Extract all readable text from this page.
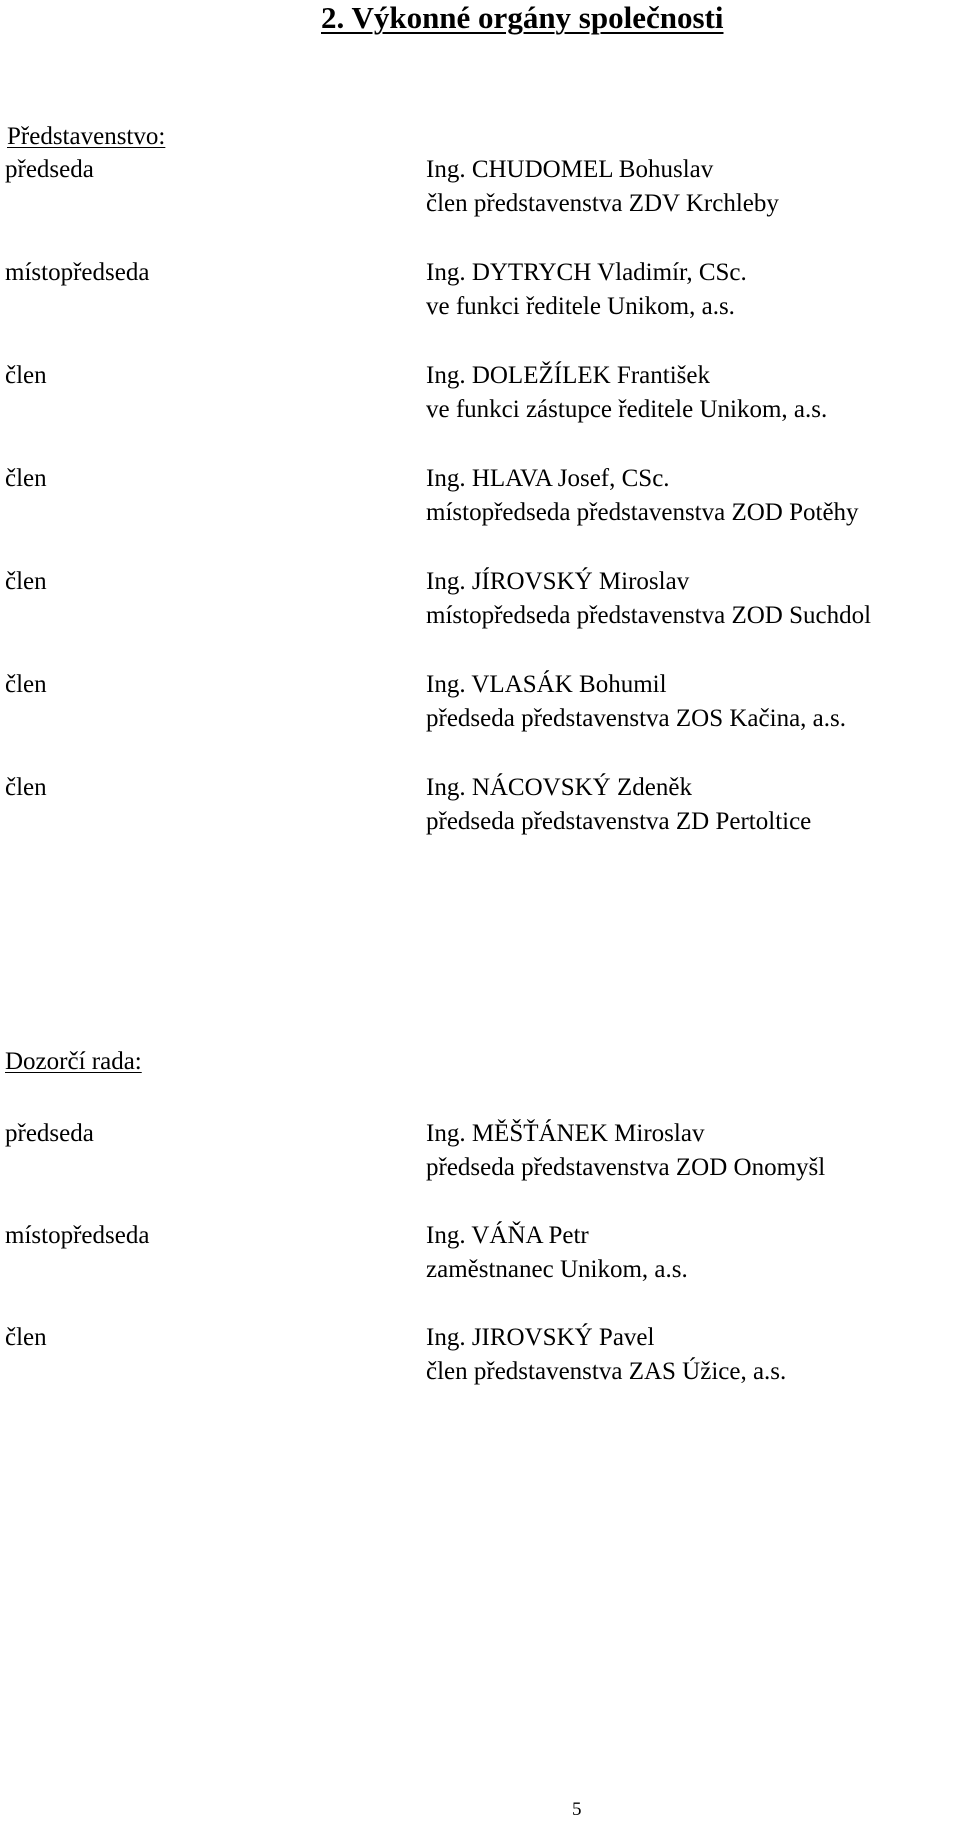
2. Výkonné orgány společnosti
Představenstvo:
předseda	Ing. CHUDOMEL Bohuslav
člen představenstva ZDV Krchleby
místopředseda	Ing. DYTRYCH Vladimír, CSc.
ve funkci ředitele Unikom, a.s.
člen	Ing. DOLEŽÍLEK František
ve funkci zástupce ředitele Unikom, a.s.
člen	Ing. HLAVA Josef, CSc.
místopředseda představenstva ZOD Potěhy
člen	Ing. JÍROVSKÝ Miroslav
místopředseda představenstva ZOD Suchdol
člen	Ing. VLASÁK Bohumil
předseda představenstva ZOS Kačina, a.s.
člen	Ing. NÁCOVSKÝ Zdeněk
předseda představenstva ZD Pertoltice
Dozorčí rada:
předseda	Ing. MĚŠŤÁNEK Miroslav
předseda představenstva ZOD Onomyšl
místopředseda	Ing. VÁŇA Petr
zaměstnanec Unikom, a.s.
člen	Ing. JIROVSKÝ Pavel
člen představenstva ZAS Úžice, a.s.
5
